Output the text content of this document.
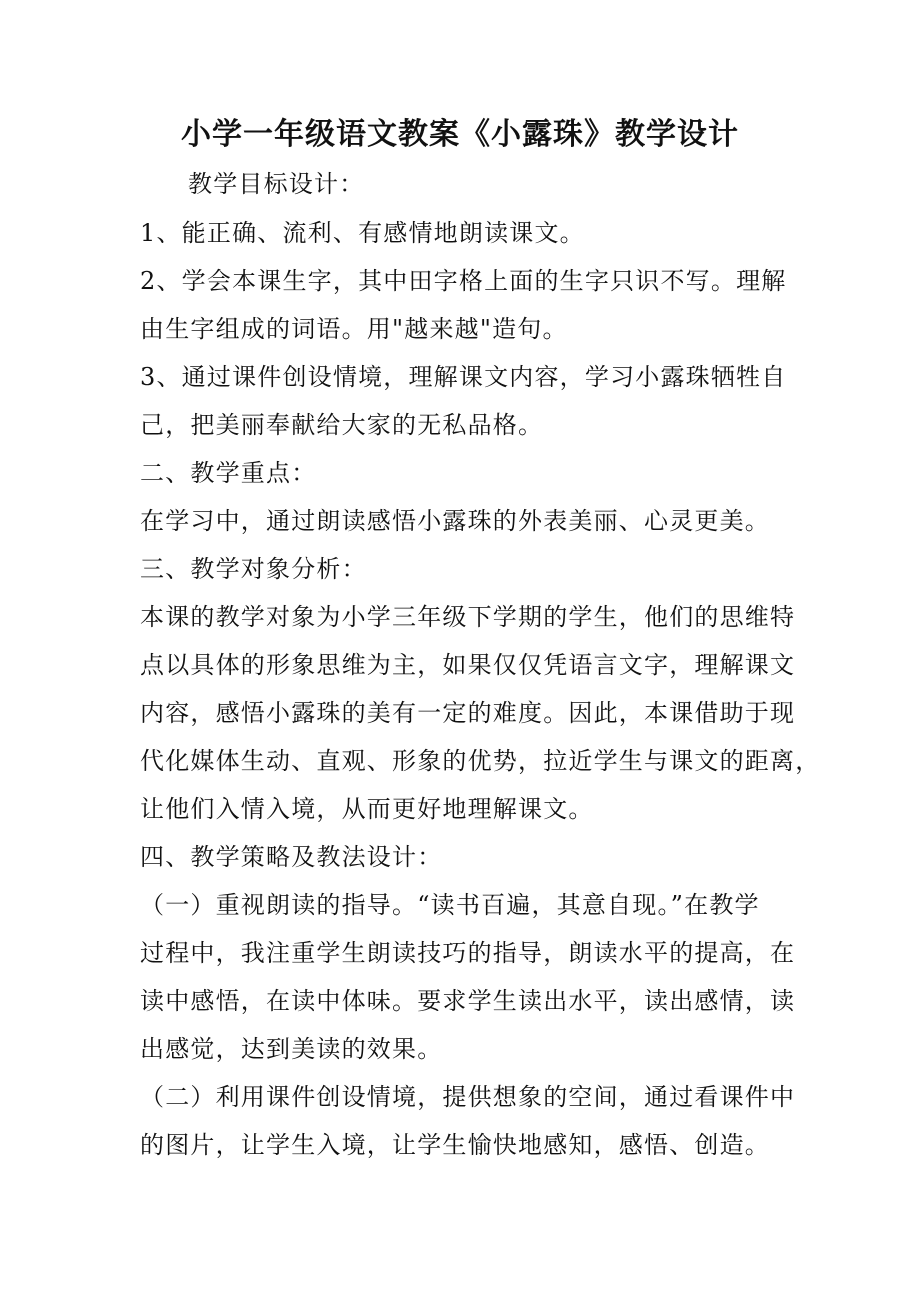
小学一年级语文教案《小露珠》教学设计
教学目标设计：
1、能正确、流利、有感情地朗读课文。
2、学会本课生字，其中田字格上面的生字只识不写。理解
由生字组成的词语。用"越来越"造句。
3、通过课件创设情境，理解课文内容，学习小露珠牺牲自
己，把美丽奉献给大家的无私品格。
二、教学重点：
在学习中，通过朗读感悟小露珠的外表美丽、心灵更美。
三、教学对象分析：
本课的教学对象为小学三年级下学期的学生，他们的思维特
点以具体的形象思维为主，如果仅仅凭语言文字，理解课文
内容，感悟小露珠的美有一定的难度。因此，本课借助于现
代化媒体生动、直观、形象的优势，拉近学生与课文的距离，
让他们入情入境，从而更好地理解课文。
四、教学策略及教法设计：
（一）重视朗读的指导。“读书百遍，其意自现。”在教学
过程中，我注重学生朗读技巧的指导，朗读水平的提高，在
读中感悟，在读中体味。要求学生读出水平，读出感情，读
出感觉，达到美读的效果。
（二）利用课件创设情境，提供想象的空间，通过看课件中
的图片，让学生入境，让学生愉快地感知，感悟、创造。
